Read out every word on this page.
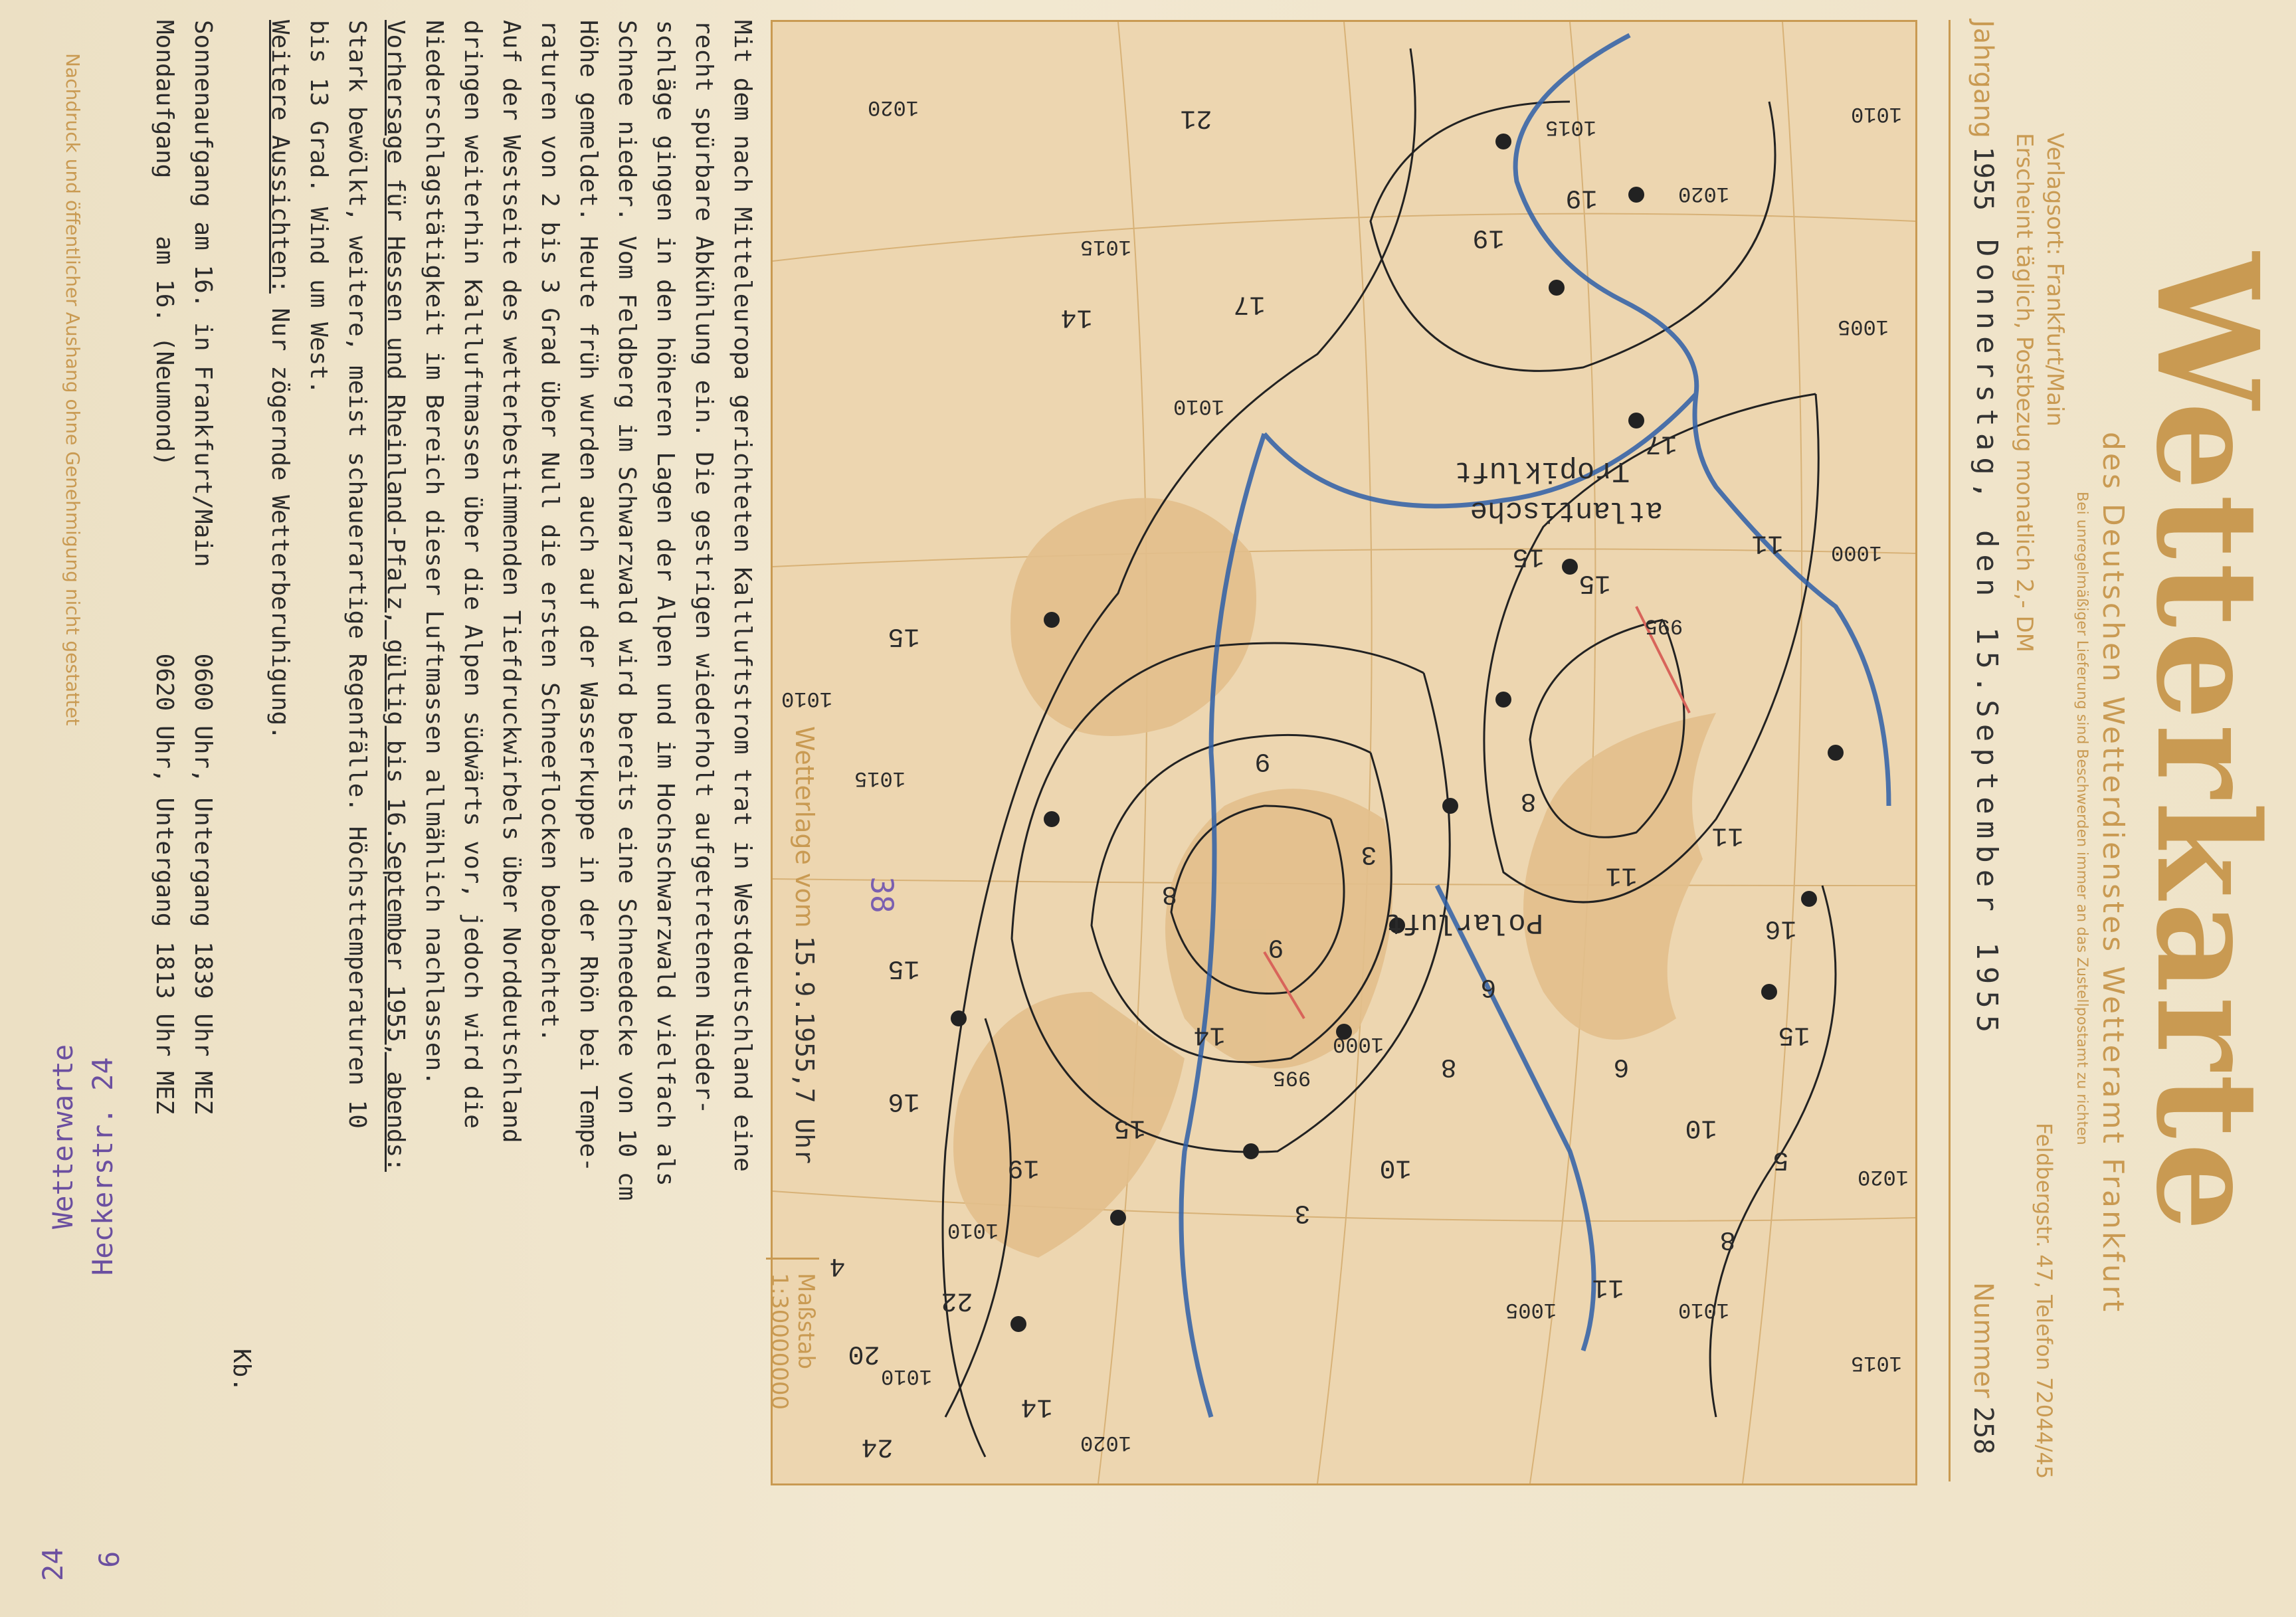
Wetterkarte
des Deutschen Wetterdienstes Wetteramt Frankfurt
Bei unregelmäßiger Lieferung sind Beschwerden immer an das Zustellpostamt zu richten
Verlagsort: Frankfurt/Main
Erscheint täglich, Postbezug monatlich 2,- DM
Feldbergstr. 47, Telefon 72044/45
Jahrgang 1955
Donnerstag, den 15.September 1955
Nummer 258
atlantische
Tropikluft
Polarluft
1010
1005
1000
995
1020
1015
1020
1015
1010
1005
1000
995
1010
1015
1020
1015
1010
1010
1010
1020
11
17
15
15
19
19
17
14
8
3
9
14
15
19
22
14
24
11
16
15
4
20
6
8
10
3
11
16
15
5
8
11
9
6
8
10
21
15
Wetterlage vom 15.9.1955,7 Uhr
Maßstab 1:30000000

Mit dem nach Mitteleuropa gerichteten Kaltluftstrom trat in Westdeutschland eine

recht spürbare Abkühlung ein. Die gestrigen wiederholt aufgetretenen Nieder-

schläge gingen in den höheren Lagen der Alpen und im Hochschwarzwald vielfach als

Schnee nieder. Vom Feldberg im Schwarzwald wird bereits eine Schneedecke von 10 cm

Höhe gemeldet. Heute früh wurden auch auf der Wasserkuppe in der Rhön bei Tempe-

raturen von 2 bis 3 Grad über Null die ersten Schneeflocken beobachtet.

Auf der Westseite des wetterbestimmenden Tiefdruckwirbels über Norddeutschland

dringen weiterhin Kaltluftmassen über die Alpen südwärts vor, jedoch wird die

Niederschlagstätigkeit im Bereich dieser Luftmassen allmählich nachlassen.

Vorhersage für Hessen und Rheinland-Pfalz, gültig bis 16.September 1955, abends:

Stark bewölkt, weitere, meist schauerartige Regenfälle. Höchsttemperaturen 10

bis 13 Grad. Wind um West.

Weitere Aussichten: Nur zögernde Wetterberuhigung.

Kb.

Sonnenaufgang am 16. in Frankfurt/Main      0600 Uhr, Untergang 1839 Uhr MEZ

Mondaufgang    am 16. (Neumond)             0620 Uhr, Untergang 1813 Uhr MEZ

Nachdruck und öffentlicher Aushang ohne Genehmigung nicht gestattet
38
Wetterwarte Heckerstr. 24
24 6
